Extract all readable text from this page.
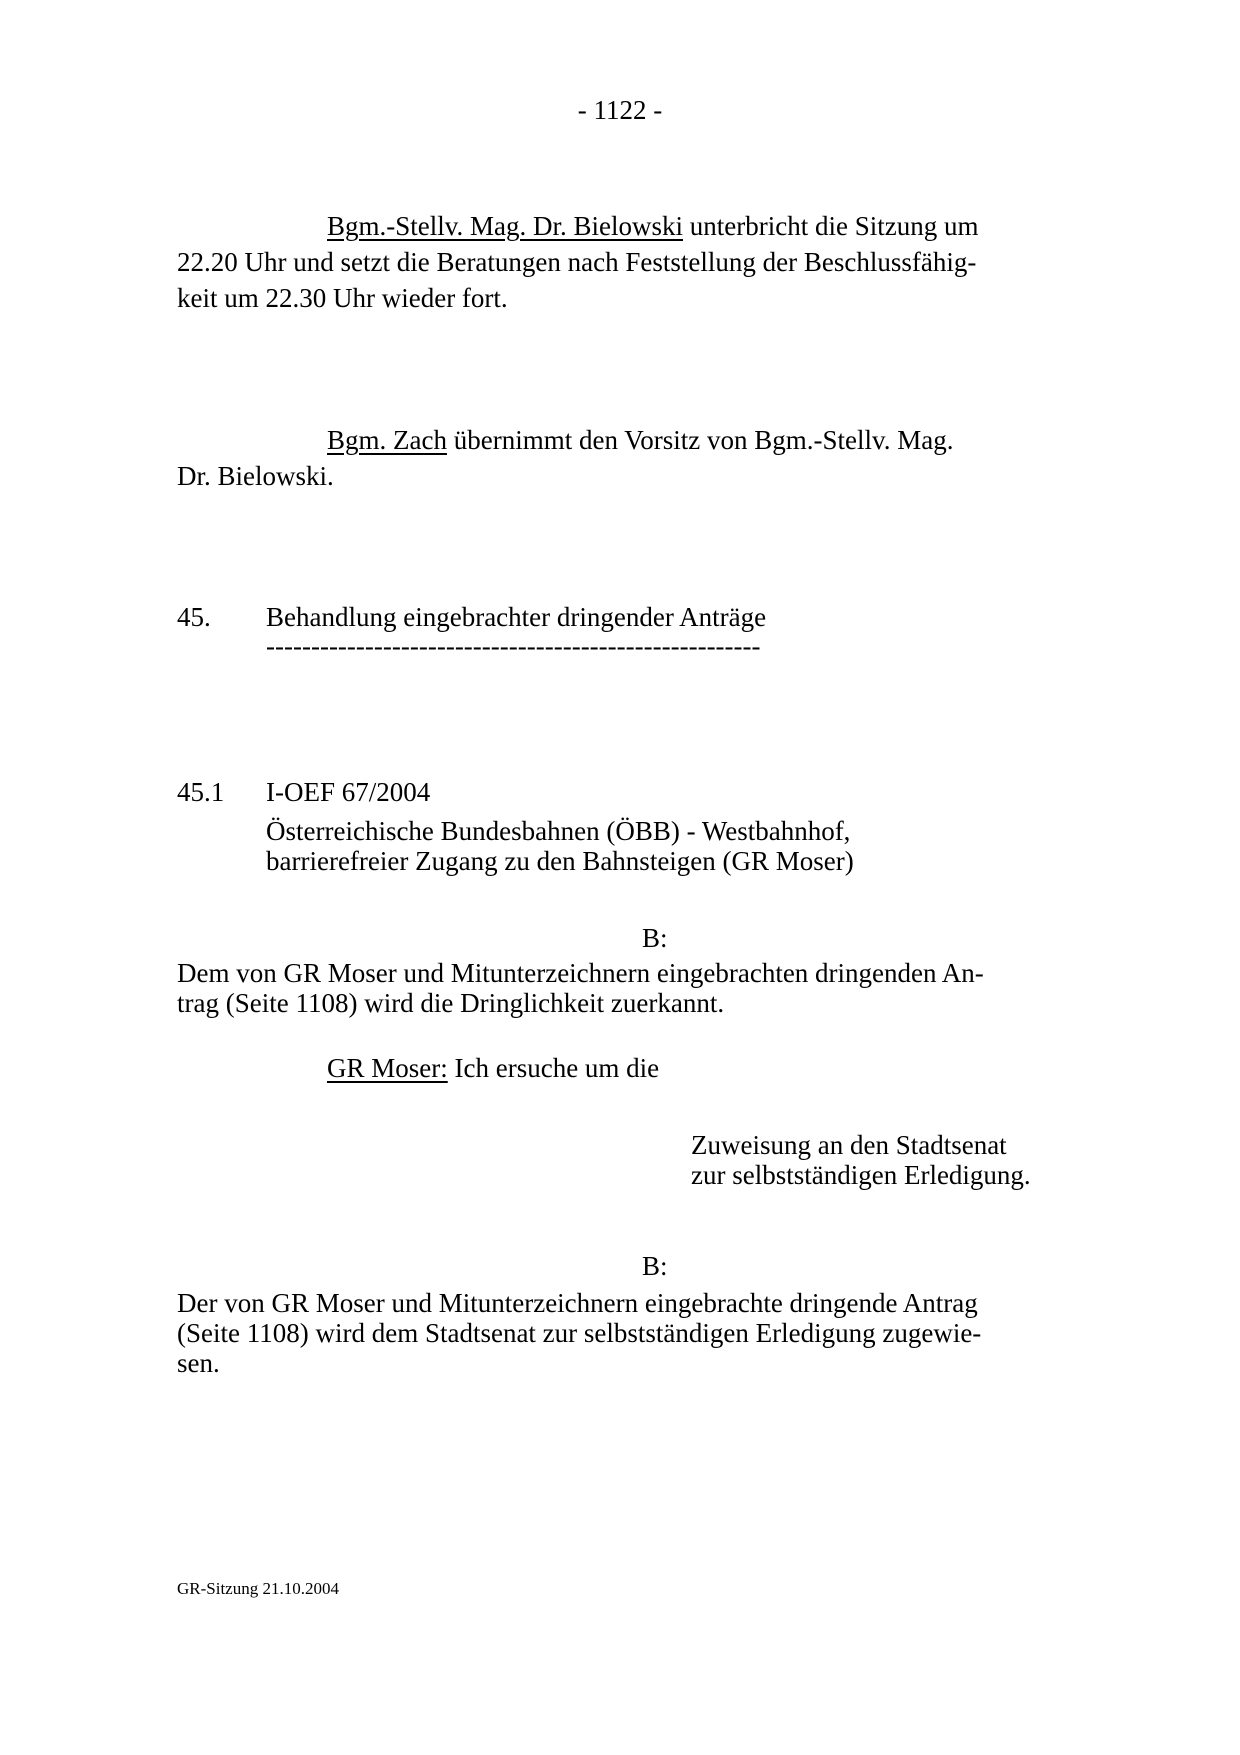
- 1122 -
Bgm.-Stellv. Mag. Dr. Bielowski unterbricht die Sitzung um
22.20 Uhr und setzt die Beratungen nach Feststellung der Beschlussfähig-
keit um 22.30 Uhr wieder fort.
Bgm. Zach übernimmt den Vorsitz von Bgm.-Stellv. Mag.
Dr. Bielowski.
45. Behandlung eingebrachter dringender Anträge
-------------------------------------------------------
45.1 I-OEF 67/2004
Österreichische Bundesbahnen (ÖBB) - Westbahnhof,
barrierefreier Zugang zu den Bahnsteigen (GR Moser)
B:
Dem von GR Moser und Mitunterzeichnern eingebrachten dringenden An-
trag (Seite 1108) wird die Dringlichkeit zuerkannt.
GR Moser: Ich ersuche um die
Zuweisung an den Stadtsenat
zur selbstständigen Erledigung.
B:
Der von GR Moser und Mitunterzeichnern eingebrachte dringende Antrag
(Seite 1108) wird dem Stadtsenat zur selbstständigen Erledigung zugewie-
sen.
GR-Sitzung 21.10.2004
